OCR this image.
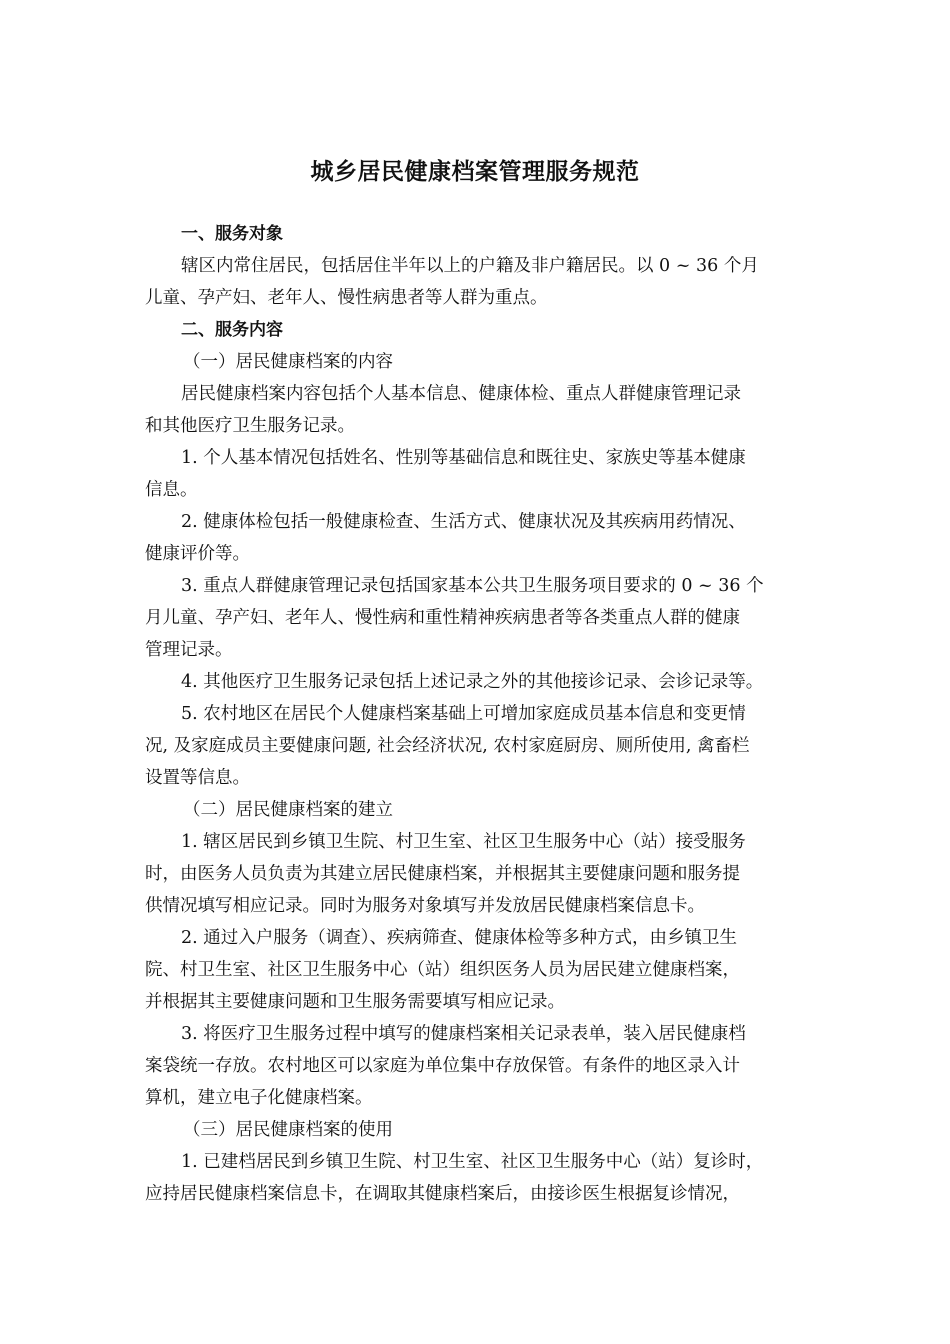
城乡居民健康档案管理服务规范
一、服务对象
辖区内常住居民，包括居住半年以上的户籍及非户籍居民。以 0 ~ 36 个月
儿童、孕产妇、老年人、慢性病患者等人群为重点。
二、服务内容
（一）居民健康档案的内容
居民健康档案内容包括个人基本信息、健康体检、重点人群健康管理记录
和其他医疗卫生服务记录。
1. 个人基本情况包括姓名、性别等基础信息和既往史、家族史等基本健康
信息。
2. 健康体检包括一般健康检查、生活方式、健康状况及其疾病用药情况、
健康评价等。
3. 重点人群健康管理记录包括国家基本公共卫生服务项目要求的 0 ~ 36 个
月儿童、孕产妇、老年人、慢性病和重性精神疾病患者等各类重点人群的健康
管理记录。
4. 其他医疗卫生服务记录包括上述记录之外的其他接诊记录、会诊记录等。
5. 农村地区在居民个人健康档案基础上可增加家庭成员基本信息和变更情
况, 及家庭成员主要健康问题, 社会经济状况, 农村家庭厨房、厕所使用, 禽畜栏
设置等信息。
（二）居民健康档案的建立
1. 辖区居民到乡镇卫生院、村卫生室、社区卫生服务中心（站）接受服务
时，由医务人员负责为其建立居民健康档案，并根据其主要健康问题和服务提
供情况填写相应记录。同时为服务对象填写并发放居民健康档案信息卡。
2. 通过入户服务（调查）、疾病筛查、健康体检等多种方式，由乡镇卫生
院、村卫生室、社区卫生服务中心（站）组织医务人员为居民建立健康档案，
并根据其主要健康问题和卫生服务需要填写相应记录。
3. 将医疗卫生服务过程中填写的健康档案相关记录表单，装入居民健康档
案袋统一存放。农村地区可以家庭为单位集中存放保管。有条件的地区录入计
算机，建立电子化健康档案。
（三）居民健康档案的使用
1. 已建档居民到乡镇卫生院、村卫生室、社区卫生服务中心（站）复诊时，
应持居民健康档案信息卡，在调取其健康档案后，由接诊医生根据复诊情况，
